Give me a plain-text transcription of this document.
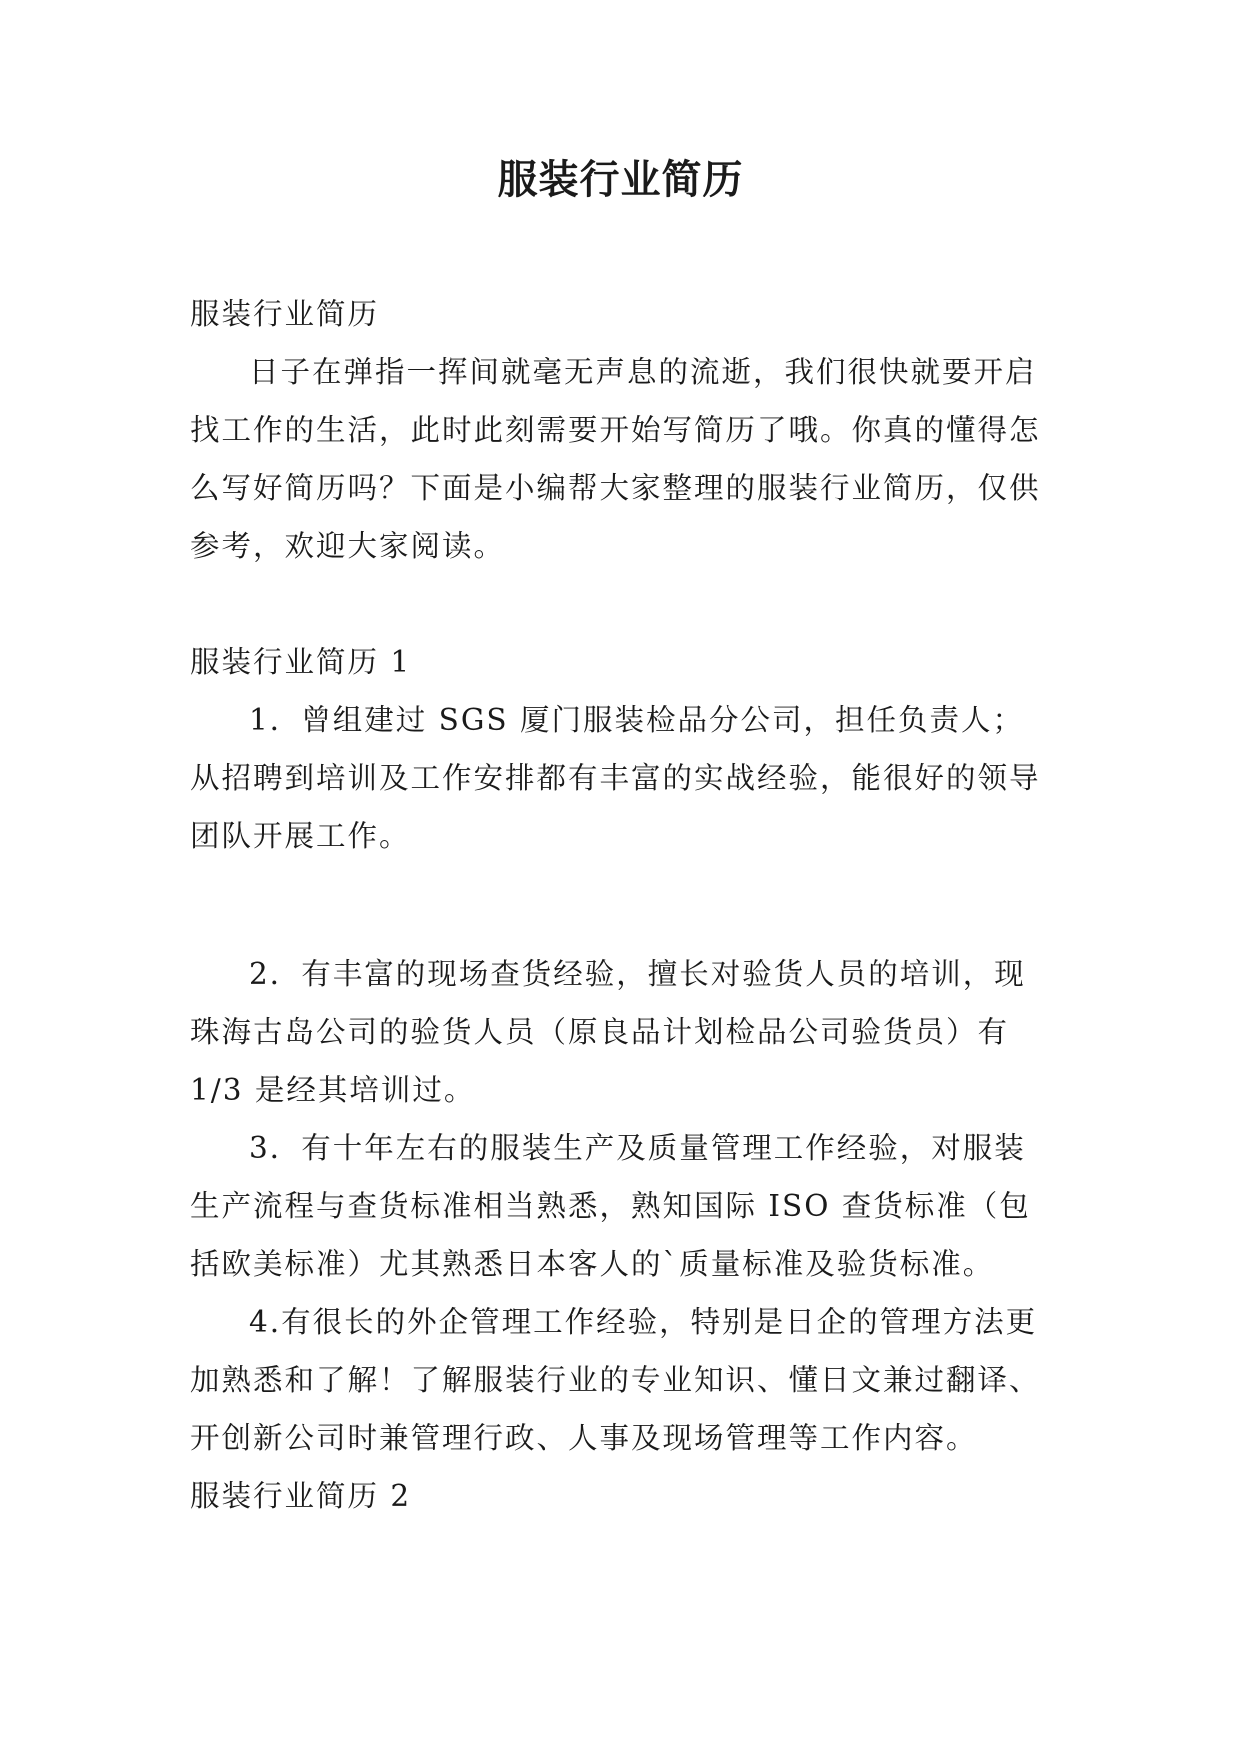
服装行业简历

服装行业简历

日子在弹指一挥间就毫无声息的流逝，我们很快就要开启找工作的生活，此时此刻需要开始写简历了哦。你真的懂得怎么写好简历吗？下面是小编帮大家整理的服装行业简历，仅供参考，欢迎大家阅读。

服装行业简历 1

1．曾组建过 SGS 厦门服装检品分公司，担任负责人；从招聘到培训及工作安排都有丰富的实战经验，能很好的领导团队开展工作。

2．有丰富的现场查货经验，擅长对验货人员的培训，现珠海古岛公司的验货人员（原良品计划检品公司验货员）有 1/3 是经其培训过。

3．有十年左右的服装生产及质量管理工作经验，对服装生产流程与查货标准相当熟悉，熟知国际 ISO 查货标准（包括欧美标准）尤其熟悉日本客人的`质量标准及验货标准。

4.有很长的外企管理工作经验，特别是日企的管理方法更加熟悉和了解！了解服装行业的专业知识、懂日文兼过翻译、开创新公司时兼管理行政、人事及现场管理等工作内容。

服装行业简历 2
